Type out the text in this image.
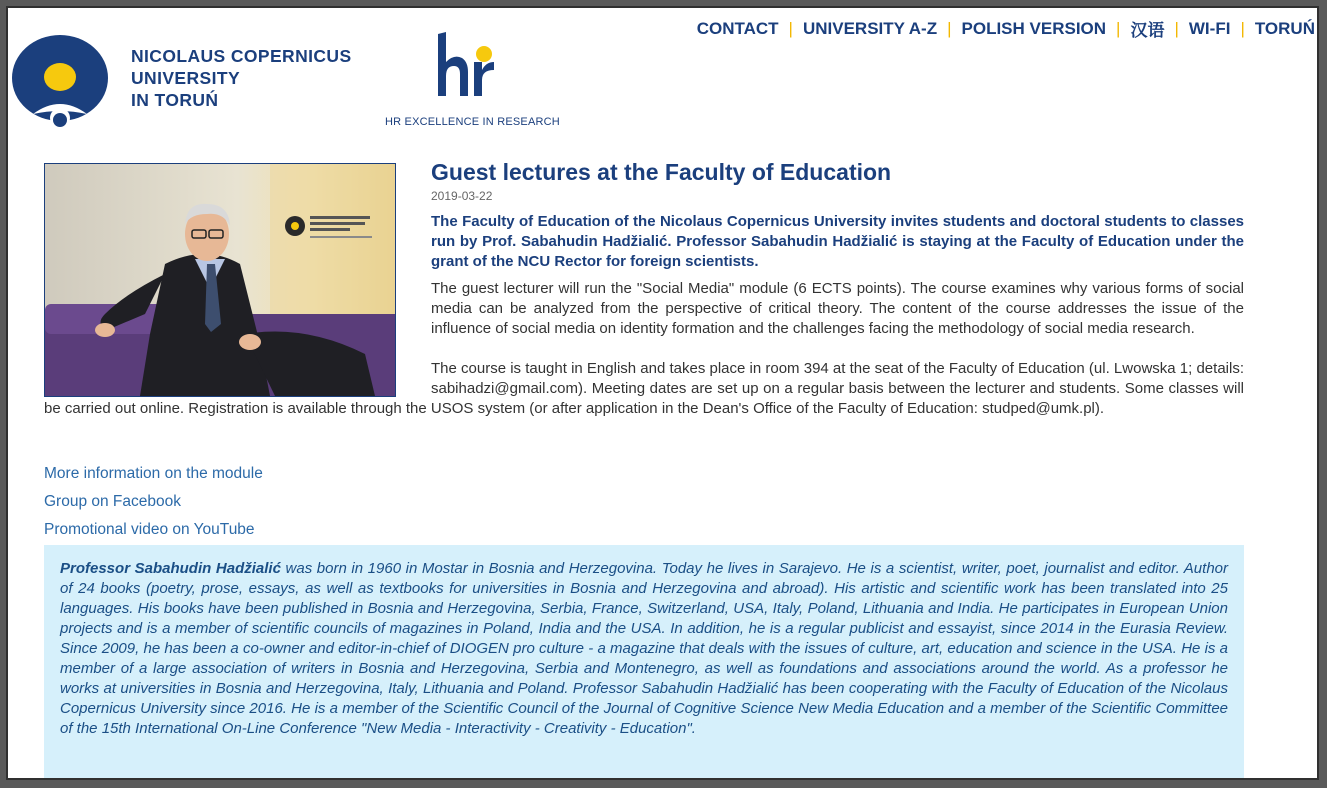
CONTACT | UNIVERSITY A-Z | POLISH VERSION | 汉语 | WI-FI | TORUŃ
NICOLAUS COPERNICUS
UNIVERSITY
IN TORUŃ
HR EXCELLENCE IN RESEARCH
Guest lectures at the Faculty of Education
2019-03-22

The Faculty of Education of the Nicolaus Copernicus University invites students and doctoral students to classes run by Prof. Sabahudin Hadžialić. Professor Sabahudin Hadžialić is staying at the Faculty of Education under the grant of the NCU Rector for foreign scientists.

The guest lecturer will run the "Social Media" module (6 ECTS points). The course examines why various forms of social media can be analyzed from the perspective of critical theory. The content of the course addresses the issue of the influence of social media on identity formation and the challenges facing the methodology of social media research.

The course is taught in English and takes place in room 394 at the seat of the Faculty of Education (ul. Lwowska 1; details: sabihadzi@gmail.com). Meeting dates are set up on a regular basis between the lecturer and students. Some classes will be carried out online. Registration is available through the USOS system (or after application in the Dean's Office of the Faculty of Education: studped@umk.pl).

More information on the module
Group on Facebook
Promotional video on YouTube
Professor Sabahudin Hadžialić was born in 1960 in Mostar in Bosnia and Herzegovina. Today he lives in Sarajevo. He is a scientist, writer, poet, journalist and editor. Author of 24 books (poetry, prose, essays, as well as textbooks for universities in Bosnia and Herzegovina and abroad). His artistic and scientific work has been translated into 25 languages. His books have been published in Bosnia and Herzegovina, Serbia, France, Switzerland, USA, Italy, Poland, Lithuania and India. He participates in European Union projects and is a member of scientific councils of magazines in Poland, India and the USA. In addition, he is a regular publicist and essayist, since 2014 in the Eurasia Review. Since 2009, he has been a co-owner and editor-in-chief of DIOGEN pro culture - a magazine that deals with the issues of culture, art, education and science in the USA. He is a member of a large association of writers in Bosnia and Herzegovina, Serbia and Montenegro, as well as foundations and associations around the world. As a professor he works at universities in Bosnia and Herzegovina, Italy, Lithuania and Poland. Professor Sabahudin Hadžialić has been cooperating with the Faculty of Education of the Nicolaus Copernicus University since 2016. He is a member of the Scientific Council of the Journal of Cognitive Science New Media Education and a member of the Scientific Committee of the 15th International On-Line Conference "New Media - Interactivity - Creativity - Education".
